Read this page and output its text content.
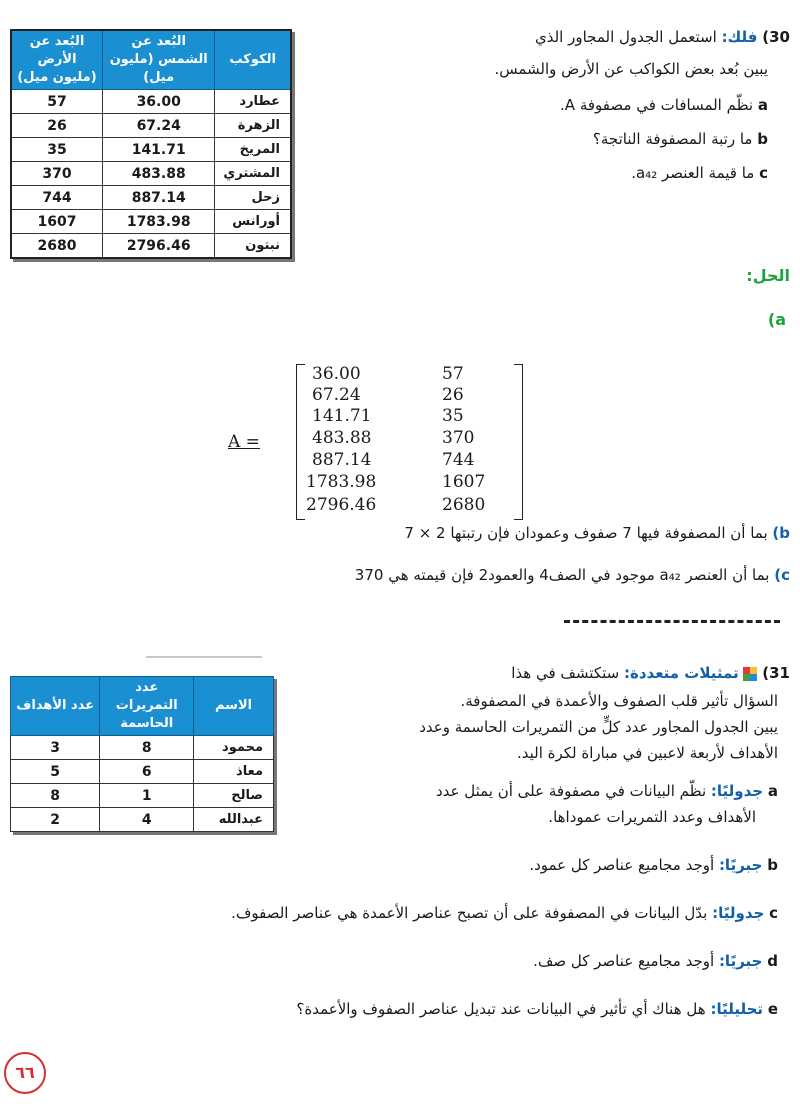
30) فلك: استعمل الجدول المجاور الذي
يبين بُعد بعض الكواكب عن الأرض والشمس.
a نظّم المسافات في مصفوفة A.
b ما رتبة المصفوفة الناتجة؟
c ما قيمة العنصر a₄₂.
البُعد عن الأرض (مليون ميل)	البُعد عن الشمس (مليون ميل)	الكوكب
57	36.00	عطارد
26	67.24	الزهرة
35	141.71	المريخ
370	483.88	المشتري
744	887.14	زحل
1607	1783.98	أورانس
2680	2796.46	نبتون
الحل:
(a
A =
36.00	57
67.24	26
141.71	35
483.88	370
887.14	744
1783.98	1607
2796.46	2680
(b بما أن المصفوفة فيها 7 صفوف وعمودان فإن رتبتها 2 × 7
(c بما أن العنصر a₄₂ موجود في الصف4 والعمود2 فإن قيمته هي 370
31)
تمثيلات متعددة: ستكتشف في هذا
السؤال تأثير قلب الصفوف والأعمدة في المصفوفة.
يبين الجدول المجاور عدد كلٍّ من التمريرات الحاسمة وعدد
الأهداف لأربعة لاعبين في مباراة لكرة اليد.
a جدوليًا: نظّم البيانات في مصفوفة على أن يمثل عدد
الأهداف وعدد التمريرات عموداها.
b جبريًا: أوجد مجاميع عناصر كل عمود.
c جدوليًا: بدّل البيانات في المصفوفة على أن تصبح عناصر الأعمدة هي عناصر الصفوف.
d جبريًا: أوجد مجاميع عناصر كل صف.
e تحليليًا: هل هناك أي تأثير في البيانات عند تبديل عناصر الصفوف والأعمدة؟
عدد الأهداف	عدد التمريرات الحاسمة	الاسم
3	8	محمود
5	6	معاذ
8	1	صالح
2	4	عبدالله
٦٦
